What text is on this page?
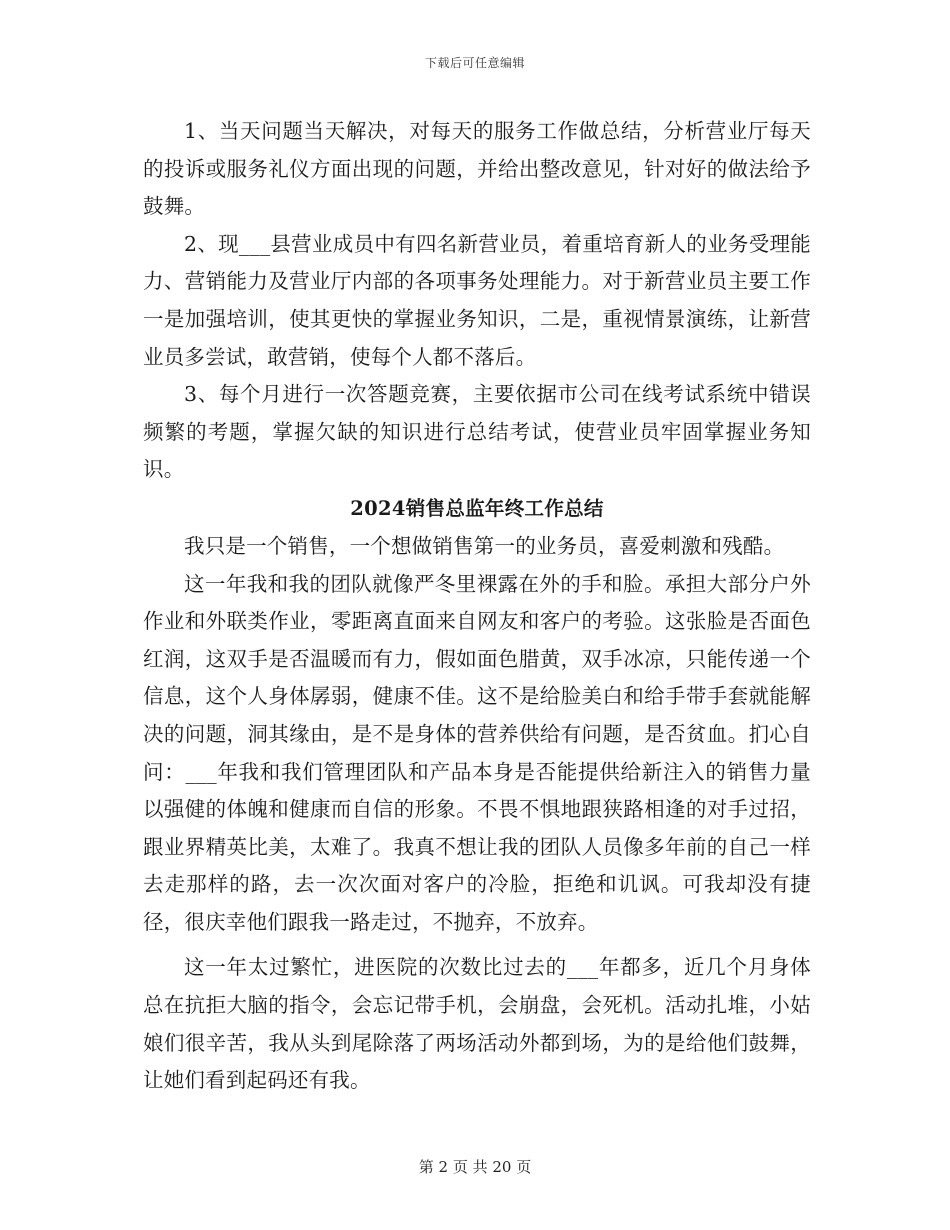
下载后可任意编辑

1、当天问题当天解决，对每天的服务工作做总结，分析营业厅每天的投诉或服务礼仪方面出现的问题，并给出整改意见，针对好的做法给予鼓舞。

2、现___县营业成员中有四名新营业员，着重培育新人的业务受理能力、营销能力及营业厅内部的各项事务处理能力。对于新营业员主要工作一是加强培训，使其更快的掌握业务知识，二是，重视情景演练，让新营业员多尝试，敢营销，使每个人都不落后。

3、每个月进行一次答题竞赛，主要依据市公司在线考试系统中错误频繁的考题，掌握欠缺的知识进行总结考试，使营业员牢固掌握业务知识。

2024销售总监年终工作总结

我只是一个销售，一个想做销售第一的业务员，喜爱刺激和残酷。

这一年我和我的团队就像严冬里裸露在外的手和脸。承担大部分户外作业和外联类作业，零距离直面来自网友和客户的考验。这张脸是否面色红润，这双手是否温暖而有力，假如面色腊黄，双手冰凉，只能传递一个信息，这个人身体孱弱，健康不佳。这不是给脸美白和给手带手套就能解决的问题，洞其缘由，是不是身体的营养供给有问题，是否贫血。扪心自问：___年我和我们管理团队和产品本身是否能提供给新注入的销售力量以强健的体魄和健康而自信的形象。不畏不惧地跟狭路相逢的对手过招，跟业界精英比美，太难了。我真不想让我的团队人员像多年前的自己一样去走那样的路，去一次次面对客户的冷脸，拒绝和讥讽。可我却没有捷径，很庆幸他们跟我一路走过，不抛弃，不放弃。

这一年太过繁忙，进医院的次数比过去的___年都多，近几个月身体总在抗拒大脑的指令，会忘记带手机，会崩盘，会死机。活动扎堆，小姑娘们很辛苦，我从头到尾除落了两场活动外都到场，为的是给他们鼓舞，让她们看到起码还有我。

第 2 页 共 20 页
